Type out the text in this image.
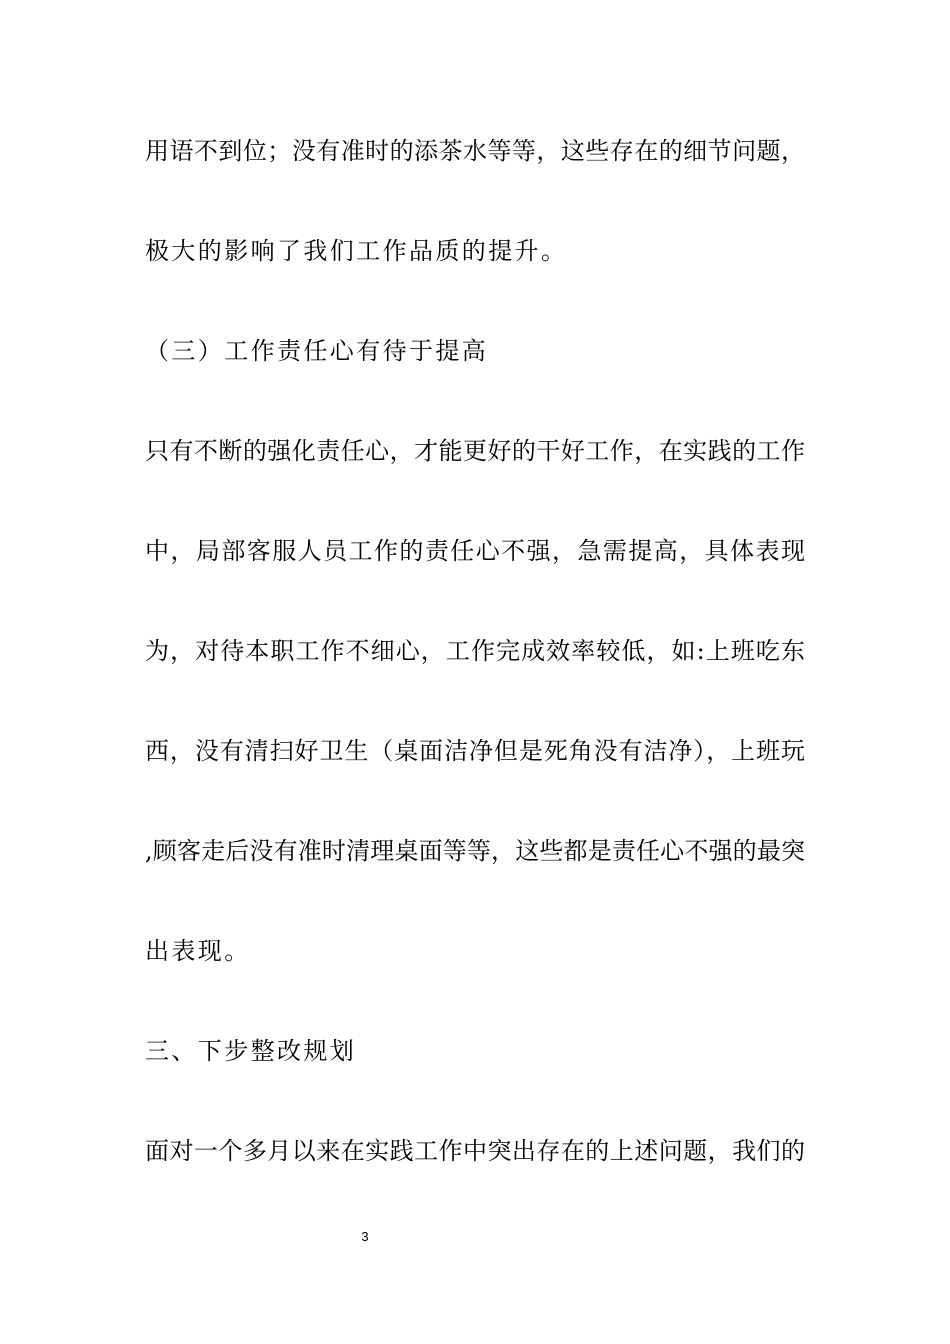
用语不到位；没有准时的添茶水等等，这些存在的细节问题，
极大的影响了我们工作品质的提升。
（三）工作责任心有待于提高
只有不断的强化责任心，才能更好的干好工作，在实践的工作
中，局部客服人员工作的责任心不强，急需提高，具体表现
为，对待本职工作不细心，工作完成效率较低，如:上班吃东
西，没有清扫好卫生（桌面洁净但是死角没有洁净），上班玩
,顾客走后没有准时清理桌面等等，这些都是责任心不强的最突
出表现。
三、下步整改规划
面对一个多月以来在实践工作中突出存在的上述问题，我们的
3
